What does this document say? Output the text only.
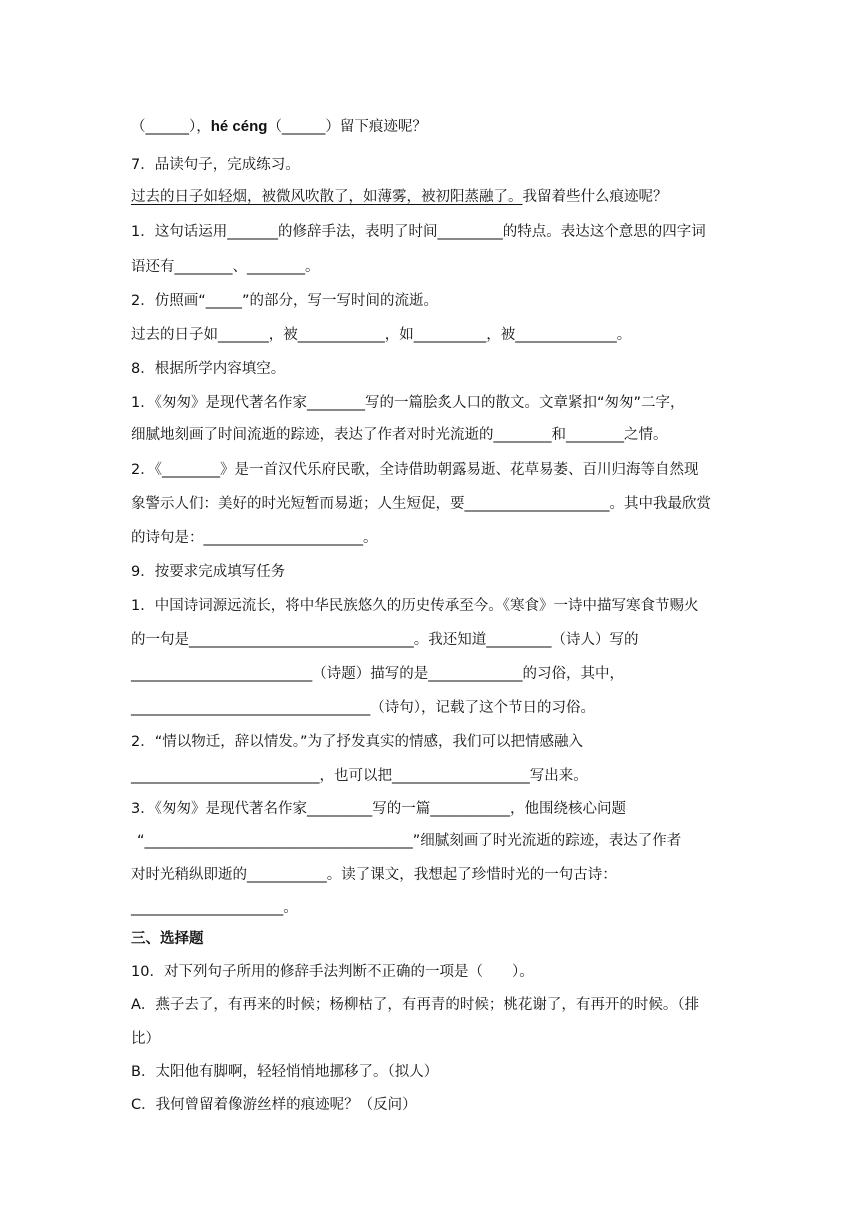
（______），hé céng（______）留下痕迹呢？
7．品读句子，完成练习。
过去的日子如轻烟，被微风吹散了，如薄雾，被初阳蒸融了。我留着些什么痕迹呢？
1．这句话运用_______的修辞手法，表明了时间_________的特点。表达这个意思的四字词
语还有________、________。
2．仿照画“_____”的部分，写一写时间的流逝。
过去的日子如_______，被____________，如__________，被______________。
8．根据所学内容填空。
1．《匆匆》是现代著名作家________写的一篇脍炙人口的散文。文章紧扣“匆匆”二字，
细腻地刻画了时间流逝的踪迹，表达了作者对时光流逝的________和________之情。
2．《________》是一首汉代乐府民歌，全诗借助朝露易逝、花草易萎、百川归海等自然现
象警示人们：美好的时光短暂而易逝；人生短促，要____________________。其中我最欣赏
的诗句是：______________________。
9．按要求完成填写任务
1．中国诗词源远流长，将中华民族悠久的历史传承至今。《寒食》一诗中描写寒食节赐火
的一句是_______________________________。我还知道_________（诗人）写的
_________________________（诗题）描写的是_____________的习俗，其中，
_________________________________（诗句），记载了这个节日的习俗。
2．“情以物迁，辞以情发。”为了抒发真实的情感，我们可以把情感融入
__________________________，也可以把___________________写出来。
3．《匆匆》是现代著名作家_________写的一篇___________，他围绕核心问题
“_____________________________________”细腻刻画了时光流逝的踪迹，表达了作者
对时光稍纵即逝的___________。读了课文，我想起了珍惜时光的一句古诗：
_____________________。
三、选择题
10．对下列句子所用的修辞手法判断不正确的一项是（　　）。
A．燕子去了，有再来的时候；杨柳枯了，有再青的时候；桃花谢了，有再开的时候。（排
比）
B．太阳他有脚啊，轻轻悄悄地挪移了。（拟人）
C．我何曾留着像游丝样的痕迹呢？（反问）
